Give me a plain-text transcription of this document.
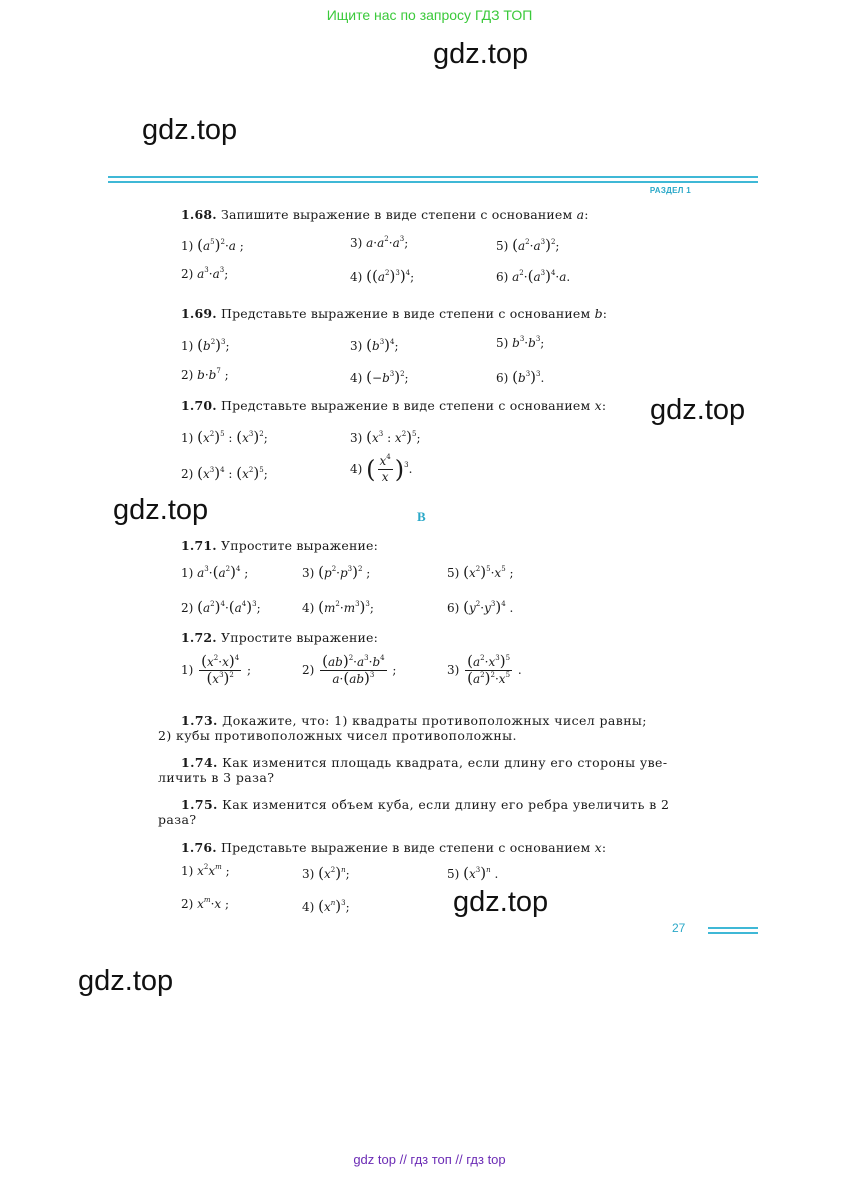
Ищите нас по запросу ГДЗ ТОП
gdz.top
gdz.top
gdz.top
gdz.top
gdz.top
gdz.top
РАЗДЕЛ 1
1.68. Запишите выражение в виде степени с основанием a:
1) $(a^5)^2\cdot a$ ;	3) $a\cdot a^2\cdot a^3$;	5) $(a^2\cdot a^3)^2$;
2) $a^3\cdot a^3$;	4) $((a^2)^3)^4$;	6) $a^2\cdot(a^3)^4\cdot a$.
1.69. Представьте выражение в виде степени с основанием b:
1) $(b^2)^3$;	3) $(b^3)^4$;	5) $b^3\cdot b^3$;
2) $b\cdot b^7$ ;	4) $(-b^3)^2$;	6) $(b^3)^3$.
1.70. Представьте выражение в виде степени с основанием x:
1) $(x^2)^5$ : $(x^3)^2$;	3) ($x^3$ : $x^2)^5$;
2) $(x^3)^4$ : $(x^2)^5$;	4) ( $\frac{x^4}{x} )^3$.
B
1.71. Упростите выражение:
1) $a^3\cdot(a^2)^4$ ;	3) $(p^2\cdot p^3)^2$ ;	5) $(x^2)^5\cdot x^5$ ;
2) $(a^2)^4\cdot(a^4)^3$;	4) $(m^2\cdot m^3)^3$;	6) $(y^2\cdot y^3)^4$ .
1.72. Упростите выражение:
$1) \frac{(x^2\cdot x)^4}{(x^3)^2}$ ;	$2) \frac{(ab)^2\cdot a^3\cdot b^4}{a\cdot(ab)^3}$ ;	$3) \frac{(a^2\cdot x^3)^5}{(a^2)^2\cdot x^5}$ .
1.73. Докажите, что: 1) квадраты противоположных чисел равны;
2) кубы противоположных чисел противоположны.
1.74. Как изменится площадь квадрата, если длину его стороны уве-
личить в 3 раза?
1.75. Как изменится объем куба, если длину его ребра увеличить в 2
раза?
1.76. Представьте выражение в виде степени с основанием x:
1) $x^2x^m$ ;	3) $(x^2)^n$;	5) $(x^3)^n$ .
2) $x^m\cdot x$ ;	4) $(x^n)^3$;
27
gdz top // гдз топ // гдз top
